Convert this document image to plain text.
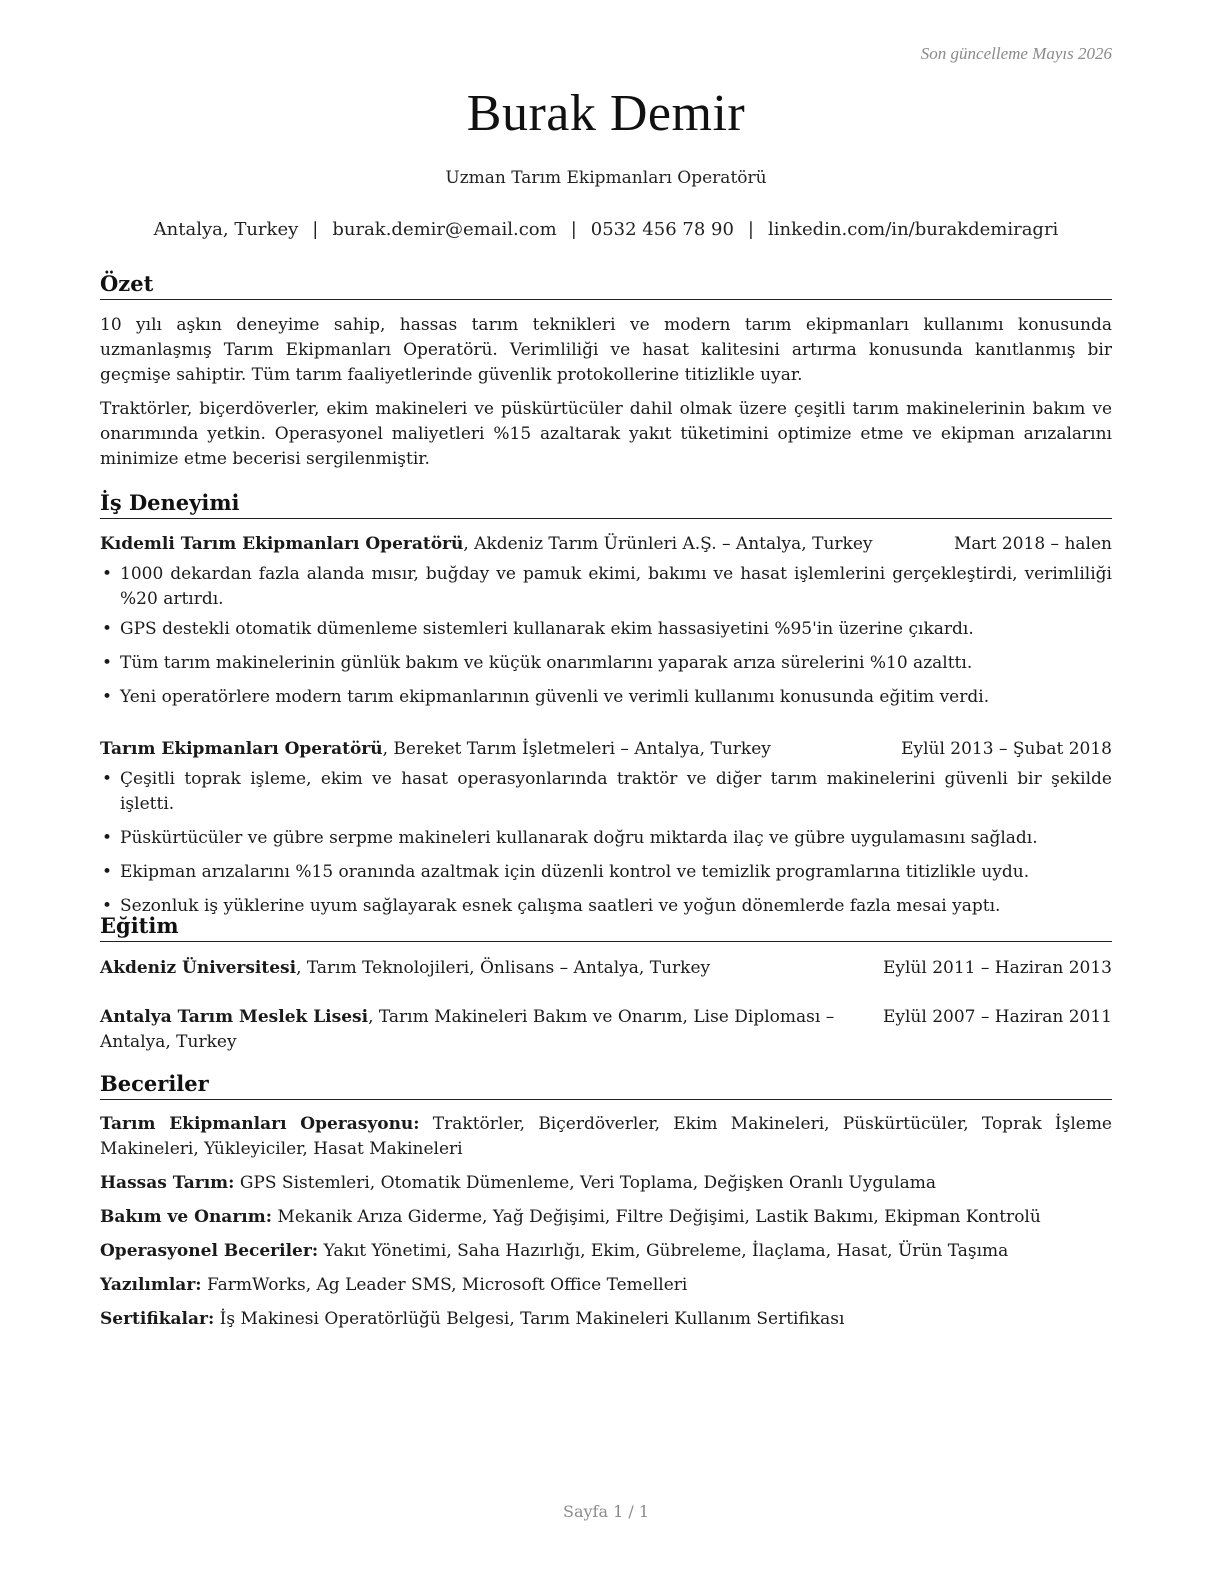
Son güncelleme Mayıs 2026
Burak Demir
Uzman Tarım Ekipmanları Operatörü
Antalya, Turkey | burak.demir@email.com | 0532 456 78 90 | linkedin.com/in/burakdemiragri
Özet

10 yılı aşkın deneyime sahip, hassas tarım teknikleri ve modern tarım ekipmanları kullanımı konusunda uzmanlaşmış Tarım Ekipmanları Operatörü. Verimliliği ve hasat kalitesini artırma konusunda kanıtlanmış bir geçmişe sahiptir. Tüm tarım faaliyetlerinde güvenlik protokollerine titizlikle uyar.

Traktörler, biçerdöverler, ekim makineleri ve püskürtücüler dahil olmak üzere çeşitli tarım makinelerinin bakım ve onarımında yetkin. Operasyonel maliyetleri %15 azaltarak yakıt tüketimini optimize etme ve ekipman arızalarını minimize etme becerisi sergilenmiştir.

İş Deneyimi
Kıdemli Tarım Ekipmanları Operatörü, Akdeniz Tarım Ürünleri A.Ş. – Antalya, Turkey	Mart 2018 – halen
• 1000 dekardan fazla alanda mısır, buğday ve pamuk ekimi, bakımı ve hasat işlemlerini gerçekleştirdi, verimliliği %20 artırdı.
• GPS destekli otomatik dümenleme sistemleri kullanarak ekim hassasiyetini %95'in üzerine çıkardı.
• Tüm tarım makinelerinin günlük bakım ve küçük onarımlarını yaparak arıza sürelerini %10 azalttı.
• Yeni operatörlere modern tarım ekipmanlarının güvenli ve verimli kullanımı konusunda eğitim verdi.
Tarım Ekipmanları Operatörü, Bereket Tarım İşletmeleri – Antalya, Turkey	Eylül 2013 – Şubat 2018
• Çeşitli toprak işleme, ekim ve hasat operasyonlarında traktör ve diğer tarım makinelerini güvenli bir şekilde işletti.
• Püskürtücüler ve gübre serpme makineleri kullanarak doğru miktarda ilaç ve gübre uygulamasını sağladı.
• Ekipman arızalarını %15 oranında azaltmak için düzenli kontrol ve temizlik programlarına titizlikle uydu.
• Sezonluk iş yüklerine uyum sağlayarak esnek çalışma saatleri ve yoğun dönemlerde fazla mesai yaptı.
Eğitim
Akdeniz Üniversitesi, Tarım Teknolojileri, Önlisans – Antalya, Turkey	Eylül 2011 – Haziran 2013
Antalya Tarım Meslek Lisesi, Tarım Makineleri Bakım ve Onarım, Lise Diploması –
Antalya, Turkey
Eylül 2007 – Haziran 2011
Beceriler
Tarım Ekipmanları Operasyonu: Traktörler, Biçerdöverler, Ekim Makineleri, Püskürtücüler, Toprak İşleme Makineleri, Yükleyiciler, Hasat Makineleri
Hassas Tarım: GPS Sistemleri, Otomatik Dümenleme, Veri Toplama, Değişken Oranlı Uygulama
Bakım ve Onarım: Mekanik Arıza Giderme, Yağ Değişimi, Filtre Değişimi, Lastik Bakımı, Ekipman Kontrolü
Operasyonel Beceriler: Yakıt Yönetimi, Saha Hazırlığı, Ekim, Gübreleme, İlaçlama, Hasat, Ürün Taşıma
Yazılımlar: FarmWorks, Ag Leader SMS, Microsoft Office Temelleri
Sertifikalar: İş Makinesi Operatörlüğü Belgesi, Tarım Makineleri Kullanım Sertifikası
Sayfa 1 / 1
